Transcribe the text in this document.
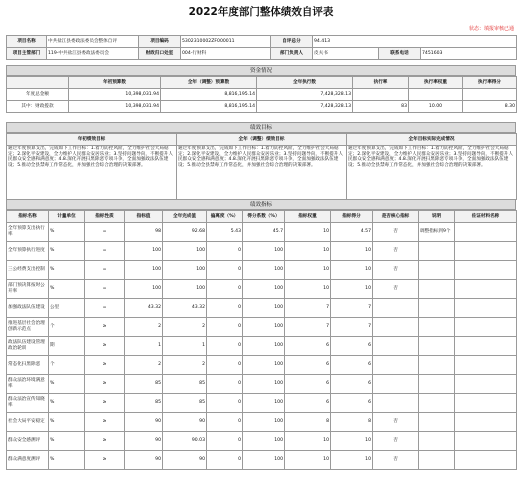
2022年度部门整体绩效自评表
状态：填报审核已通
项目名称	中共盐江县委政法委员会整体自评	项目编码	5302310002ZF000011	自评总分	94.413		
项目主管部门	119-中共盐江县委政法委员会	财政归口处室	004-行财科	部门负责人	皮夫书	联系电话	7451603
资金情况
	年初预算数	全年（调整）预算数	全年执行数	执行率	执行率权重	执行率得分
年度总金额	10,398,031.94	8,816,195.14	7,428,328.13			
其中：财政拨款	10,398,031.94	8,816,195.14	7,428,328.13	83	10.00	8.30
绩效目标
年初绩效目标	全年（调整）绩效目标	全年目标实际完成情况
通过年度预算支出，完成如下工作目标：1.着力防控风险，全力维护社会大局稳定；2.深化平安建设，全力维护人民群众安居乐业；3.坚持问题导向，不断提升人民群众安全感和满意度；4.8.深化开展扫黑除恶专项斗争，全面加强政法队伍建设；5.推动全县禁毒工作常态化，并加强社会综合治理的决策部署。	通过年度预算支出，完成如下工作目标：1.着力防控风险，全力维护社会大局稳定；2.深化平安建设，全力维护人民群众安居乐业；3.坚持问题导向，不断提升人民群众安全感和满意度；4.8.深化开展扫黑除恶专项斗争，全面加强政法队伍建设；5.推动全县禁毒工作常态化，并加强社会综合治理的决策部署。	通过年度预算支出，完成如下工作目标：1.着力防控风险，全力维护社会大局稳定；2.深化平安建设，全力维护人民群众安居乐业；3.坚持问题导向，不断提升人民群众安全感和满意度；4.8.深化开展扫黑除恶专项斗争，全面加强政法队伍建设；5.推动全县禁毒工作常态化，并加强社会综合治理的决策部署。
绩效指标
指标名称	计量单位	指标性质	指标值	全年完成值	偏离度（%）	得分系数（%）	指标权重	指标得分	是否核心指标	说明	佐证材料名称
全年预算支出执行率	%	=	98	92.68	5.43	45.7	10	4.57	否	调整指标到9个	
全年预算执行进度	%	=	100	100	0	100	10	10	否		
三公经费支出控制	%	=	100	100	0	100	10	10	否		
部门预决算按时公开率	%	=	100	100	0	100	10	10	否		
加强政法队伍建设	公里	=	43.32	43.32	0	100	7	7			
推进基层社会治理创新示范点	个	≥	2	2	0	100	7	7			
政法队伍建设管理政治轮训	期	≥	1	1	0	100	6	6			
常态化扫黑除恶	个	≥	2	2	0	100	6	6			
群众法治环境满意率	%	≥	85	85	0	100	6	6			
群众法治宣传知晓率	%	≥	85	85	0	100	6	6			
社会大局平安稳定	%	≥	90	90	0	100	8	8	否		
群众安全感测评	%	≥	90	90.03	0	100	10	10	否		
群众满意度测评	%	≥	90	90	0	100	10	10	否		
